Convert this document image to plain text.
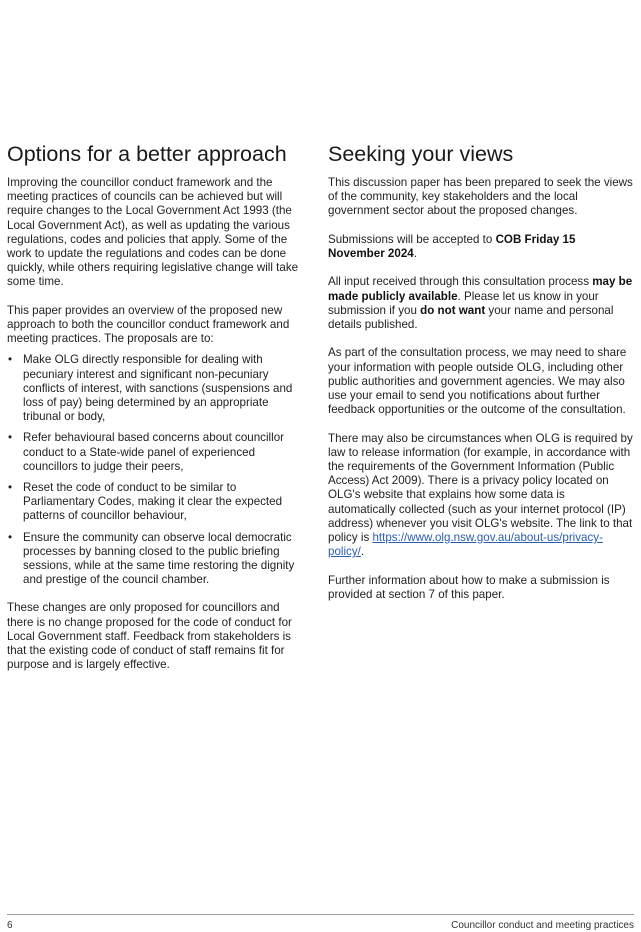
Options for a better approach

Improving the councillor conduct framework and the meeting practices of councils can be achieved but will require changes to the Local Government Act 1993 (the Local Government Act), as well as updating the various regulations, codes and policies that apply. Some of the work to update the regulations and codes can be done quickly, while others requiring legislative change will take some time.

This paper provides an overview of the proposed new approach to both the councillor conduct framework and meeting practices. The proposals are to:

• Make OLG directly responsible for dealing with pecuniary interest and significant non-pecuniary conflicts of interest, with sanctions (suspensions and loss of pay) being determined by an appropriate tribunal or body,
• Refer behavioural based concerns about councillor conduct to a State-wide panel of experienced councillors to judge their peers,
• Reset the code of conduct to be similar to Parliamentary Codes, making it clear the expected patterns of councillor behaviour,
• Ensure the community can observe local democratic processes by banning closed to the public briefing sessions, while at the same time restoring the dignity and prestige of the council chamber.

These changes are only proposed for councillors and there is no change proposed for the code of conduct for Local Government staff. Feedback from stakeholders is that the existing code of conduct of staff remains fit for purpose and is largely effective.

Seeking your views

This discussion paper has been prepared to seek the views of the community, key stakeholders and the local government sector about the proposed changes.

Submissions will be accepted to COB Friday 15 November 2024.

All input received through this consultation process may be made publicly available. Please let us know in your submission if you do not want your name and personal details published.

As part of the consultation process, we may need to share your information with people outside OLG, including other public authorities and government agencies. We may also use your email to send you notifications about further feedback opportunities or the outcome of the consultation.

There may also be circumstances when OLG is required by law to release information (for example, in accordance with the requirements of the Government Information (Public Access) Act 2009). There is a privacy policy located on OLG's website that explains how some data is automatically collected (such as your internet protocol (IP) address) whenever you visit OLG's website. The link to that policy is https://www.olg.nsw.gov.au/about-us/privacy-policy/.

Further information about how to make a submission is provided at section 7 of this paper.

6	Councillor conduct and meeting practices
